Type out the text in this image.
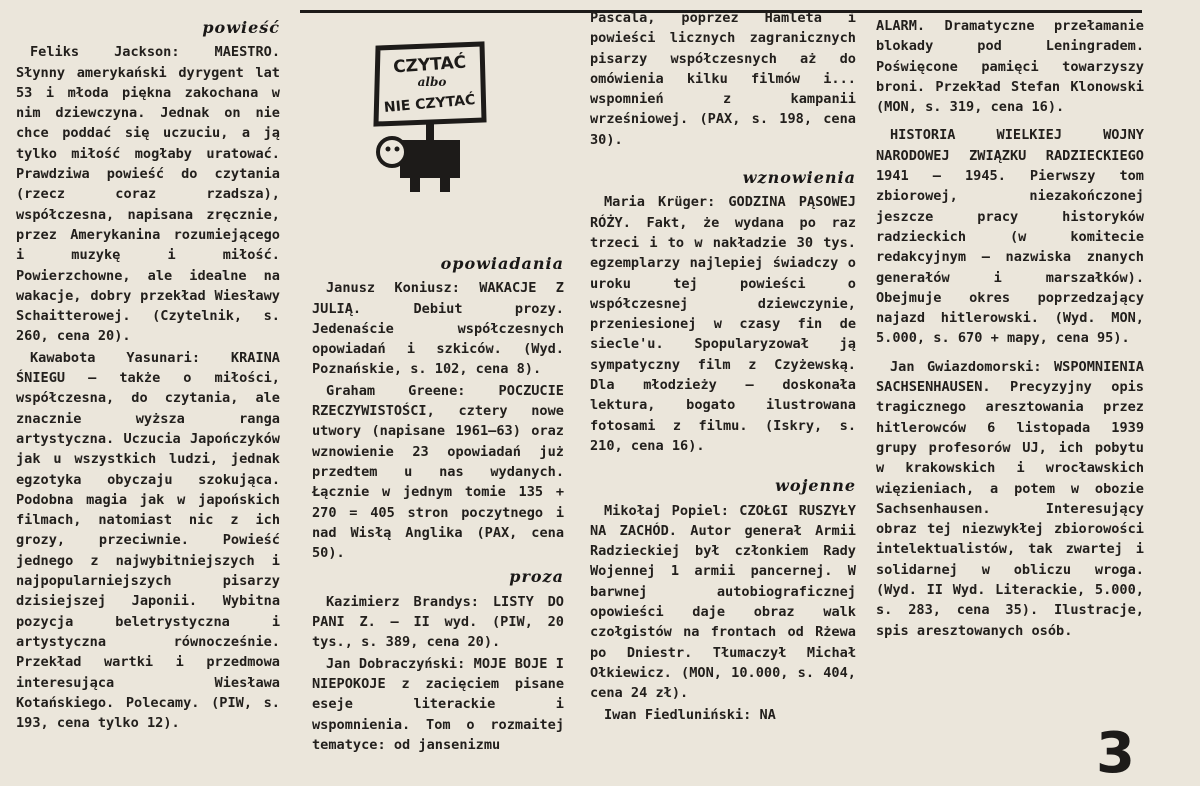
powieść

Feliks Jackson: MAESTRO. Słynny amerykański dyrygent lat 53 i młoda piękna zakochana w nim dziewczyna. Jednak on nie chce poddać się uczuciu, a ją tylko miłość mogłaby uratować. Prawdziwa powieść do czytania (rzecz coraz rzadsza), współczesna, napisana zręcznie, przez Amerykanina rozumiejącego i muzykę i miłość. Powierzchowne, ale idealne na wakacje, dobry przekład Wiesławy Schaitterowej. (Czytelnik, s. 260, cena 20).

Kawabota Yasunari: KRAINA ŚNIEGU — także o miłości, współczesna, do czytania, ale znacznie wyższa ranga artystyczna. Uczucia Japończyków jak u wszystkich ludzi, jednak egzotyka obyczaju szokująca. Podobna magia jak w japońskich filmach, natomiast nic z ich grozy, przeciwnie. Powieść jednego z najwybitniejszych i najpopularniejszych pisarzy dzisiejszej Japonii. Wybitna pozycja beletrystyczna i artystyczna równocześnie. Przekład wartki i przedmowa interesująca Wiesława Kotańskiego. Polecamy. (PIW, s. 193, cena tylko 12).

CZYTAĆ
albo
NIE CZYTAĆ
opowiadania

Janusz Koniusz: WAKACJE Z JULIĄ. Debiut prozy. Jedenaście współczesnych opowiadań i szkiców. (Wyd. Poznańskie, s. 102, cena 8).

Graham Greene: POCZUCIE RZECZYWISTOŚCI, cztery nowe utwory (napisane 1961—63) oraz wznowienie 23 opowiadań już przedtem u nas wydanych. Łącznie w jednym tomie 135 + 270 = 405 stron poczytnego i nad Wisłą Anglika (PAX, cena 50).

proza

Kazimierz Brandys: LISTY DO PANI Z. — II wyd. (PIW, 20 tys., s. 389, cena 20).

Jan Dobraczyński: MOJE BOJE I NIEPOKOJE z zacięciem pisane eseje literackie i wspomnienia. Tom o rozmaitej tematyce: od jansenizmu

Pascala, poprzez Hamleta i powieści licznych zagranicznych pisarzy współczesnych aż do omówienia kilku filmów i... wspomnień z kampanii wrześniowej. (PAX, s. 198, cena 30).

wznowienia

Maria Krüger: GODZINA PĄSOWEJ RÓŻY. Fakt, że wydana po raz trzeci i to w nakładzie 30 tys. egzemplarzy najlepiej świadczy o uroku tej powieści o współczesnej dziewczynie, przeniesionej w czasy fin de siecle'u. Spopularyzował ją sympatyczny film z Czyżewską. Dla młodzieży — doskonała lektura, bogato ilustrowana fotosami z filmu. (Iskry, s. 210, cena 16).

wojenne

Mikołaj Popiel: CZOŁGI RUSZYŁY NA ZACHÓD. Autor generał Armii Radzieckiej był członkiem Rady Wojennej 1 armii pancernej. W barwnej autobiograficznej opowieści daje obraz walk czołgistów na frontach od Rżewa po Dniestr. Tłumaczył Michał Ołkiewicz. (MON, 10.000, s. 404, cena 24 zł).

Iwan Fiedluniński: NA

ALARM. Dramatyczne przełamanie blokady pod Leningradem. Poświęcone pamięci towarzyszy broni. Przekład Stefan Klonowski (MON, s. 319, cena 16).

HISTORIA WIELKIEJ WOJNY NARODOWEJ ZWIĄZKU RADZIECKIEGO 1941 — 1945. Pierwszy tom zbiorowej, niezakończonej jeszcze pracy historyków radzieckich (w komitecie redakcyjnym — nazwiska znanych generałów i marszałków). Obejmuje okres poprzedzający najazd hitlerowski. (Wyd. MON, 5.000, s. 670 + mapy, cena 95).

Jan Gwiazdomorski: WSPOMNIENIA SACHSENHAUSEN. Precyzyjny opis tragicznego aresztowania przez hitlerowców 6 listopada 1939 grupy profesorów UJ, ich pobytu w krakowskich i wrocławskich więzieniach, a potem w obozie Sachsenhausen. Interesujący obraz tej niezwykłej zbiorowości intelektualistów, tak zwartej i solidarnej w obliczu wroga. (Wyd. II Wyd. Literackie, 5.000, s. 283, cena 35). Ilustracje, spis aresztowanych osób.

3
